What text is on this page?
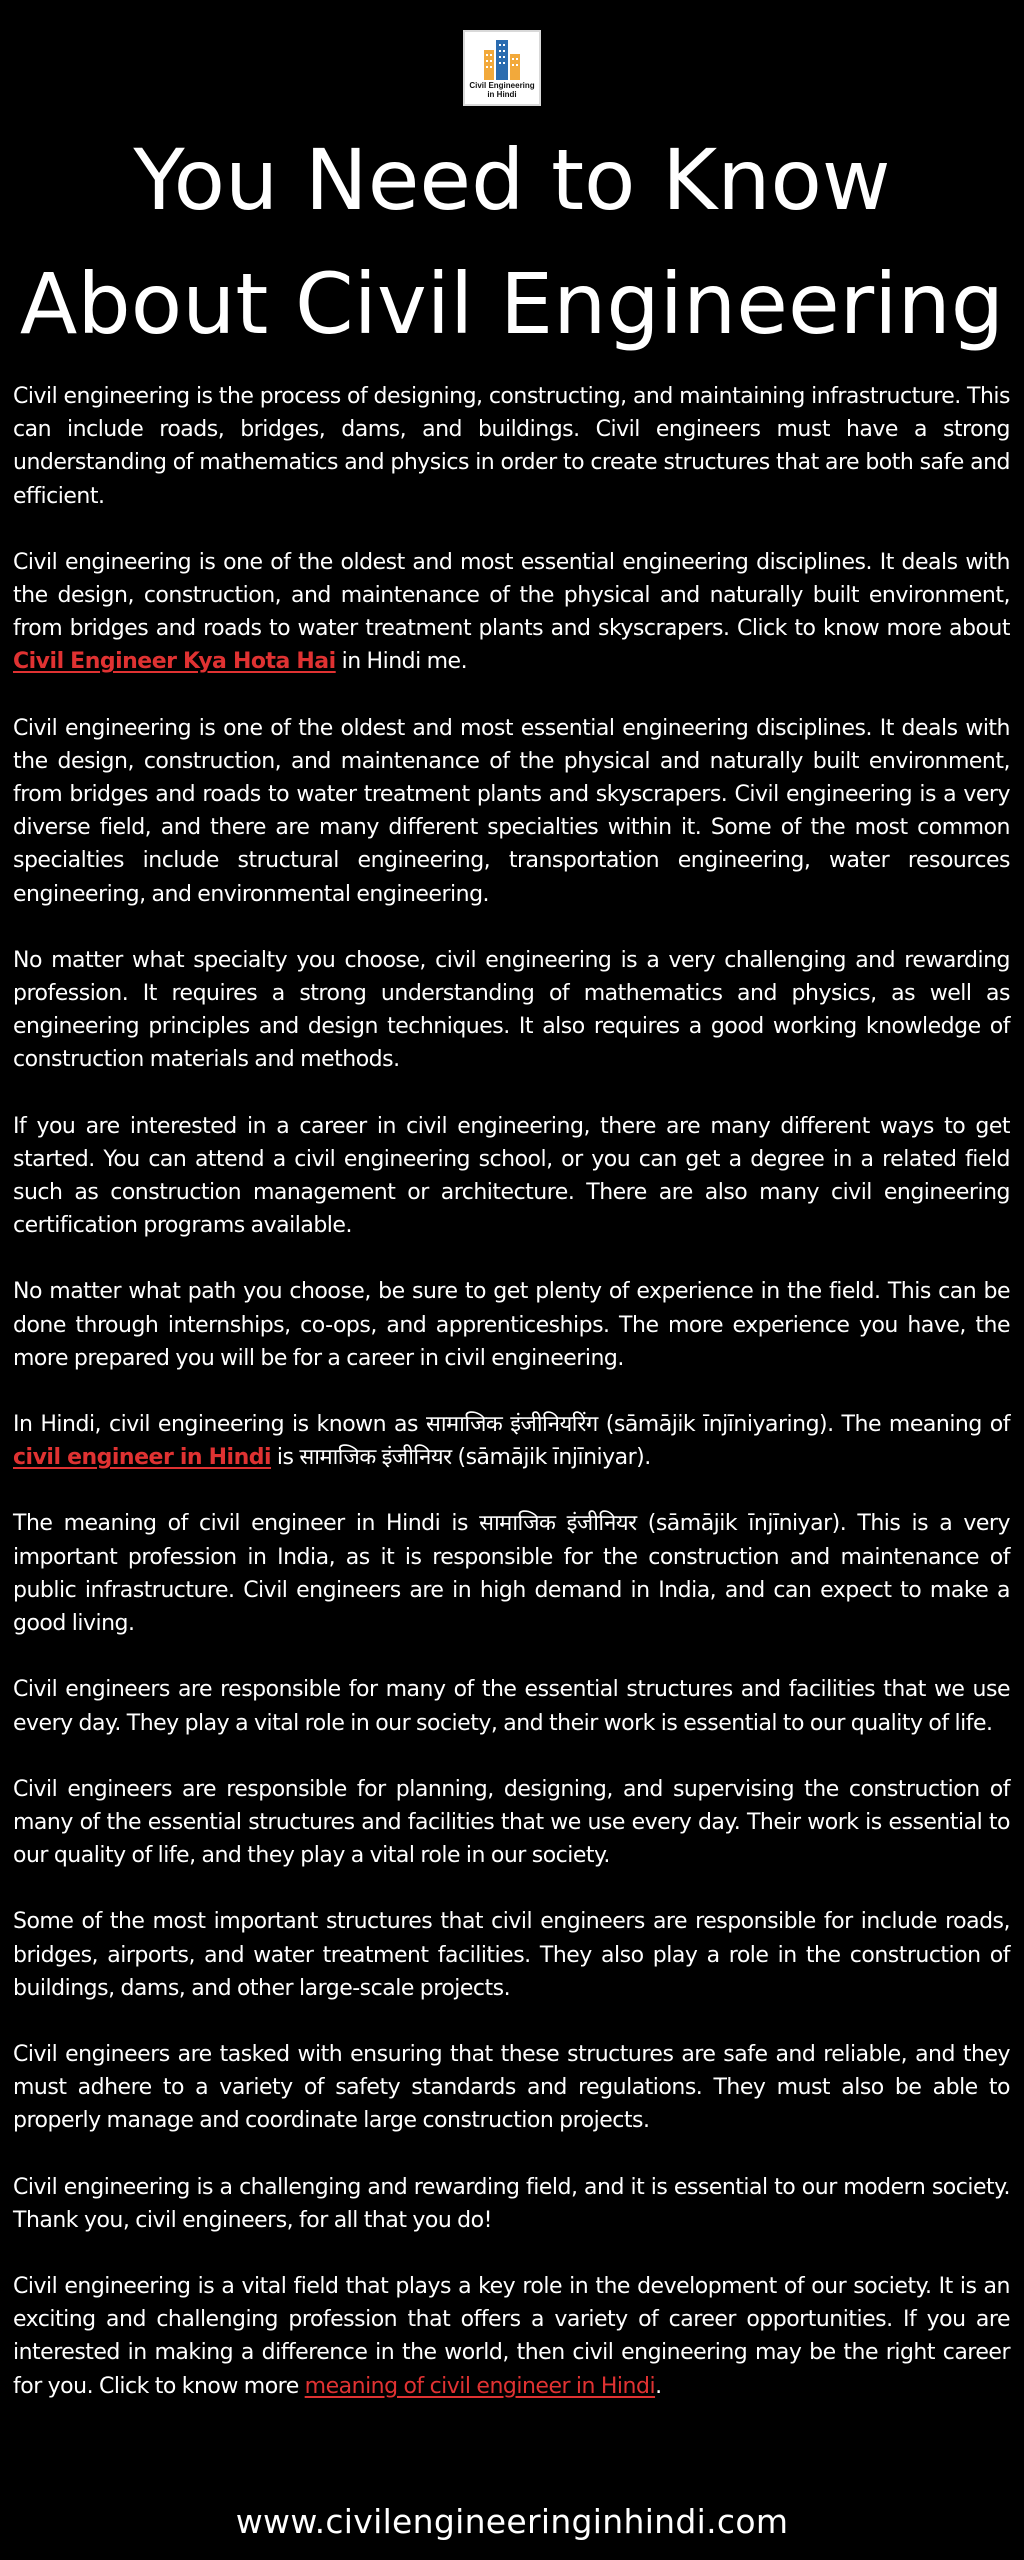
Civil Engineering in Hindi
You Need to Know About Civil Engineering

Civil engineering is the process of designing, constructing, and maintaining infrastructure. This can include roads, bridges, dams, and buildings. Civil engineers must have a strong understanding of mathematics and physics in order to create structures that are both safe and efficient.

Civil engineering is one of the oldest and most essential engineering disciplines. It deals with the design, construction, and maintenance of the physical and naturally built environment, from bridges and roads to water treatment plants and skyscrapers. Click to know more about Civil Engineer Kya Hota Hai in Hindi me.

Civil engineering is one of the oldest and most essential engineering disciplines. It deals with the design, construction, and maintenance of the physical and naturally built environment, from bridges and roads to water treatment plants and skyscrapers. Civil engineering is a very diverse field, and there are many different specialties within it. Some of the most common specialties include structural engineering, transportation engineering, water resources engineering, and environmental engineering.

No matter what specialty you choose, civil engineering is a very challenging and rewarding profession. It requires a strong understanding of mathematics and physics, as well as engineering principles and design techniques. It also requires a good working knowledge of construction materials and methods.

If you are interested in a career in civil engineering, there are many different ways to get started. You can attend a civil engineering school, or you can get a degree in a related field such as construction management or architecture. There are also many civil engineering certification programs available.

No matter what path you choose, be sure to get plenty of experience in the field. This can be done through internships, co-ops, and apprenticeships. The more experience you have, the more prepared you will be for a career in civil engineering.

In Hindi, civil engineering is known as सामाजिक इंजीनियरिंग (sāmājik īnjīniyaring). The meaning of civil engineer in Hindi is सामाजिक इंजीनियर (sāmājik īnjīniyar).

The meaning of civil engineer in Hindi is सामाजिक इंजीनियर (sāmājik īnjīniyar). This is a very important profession in India, as it is responsible for the construction and maintenance of public infrastructure. Civil engineers are in high demand in India, and can expect to make a good living.

Civil engineers are responsible for many of the essential structures and facilities that we use every day. They play a vital role in our society, and their work is essential to our quality of life.

Civil engineers are responsible for planning, designing, and supervising the construction of many of the essential structures and facilities that we use every day. Their work is essential to our quality of life, and they play a vital role in our society.

Some of the most important structures that civil engineers are responsible for include roads, bridges, airports, and water treatment facilities. They also play a role in the construction of buildings, dams, and other large-scale projects.

Civil engineers are tasked with ensuring that these structures are safe and reliable, and they must adhere to a variety of safety standards and regulations. They must also be able to properly manage and coordinate large construction projects.

Civil engineering is a challenging and rewarding field, and it is essential to our modern society. Thank you, civil engineers, for all that you do!

Civil engineering is a vital field that plays a key role in the development of our society. It is an exciting and challenging profession that offers a variety of career opportunities. If you are interested in making a difference in the world, then civil engineering may be the right career for you. Click to know more meaning of civil engineer in Hindi.

www.civilengineeringinhindi.com
